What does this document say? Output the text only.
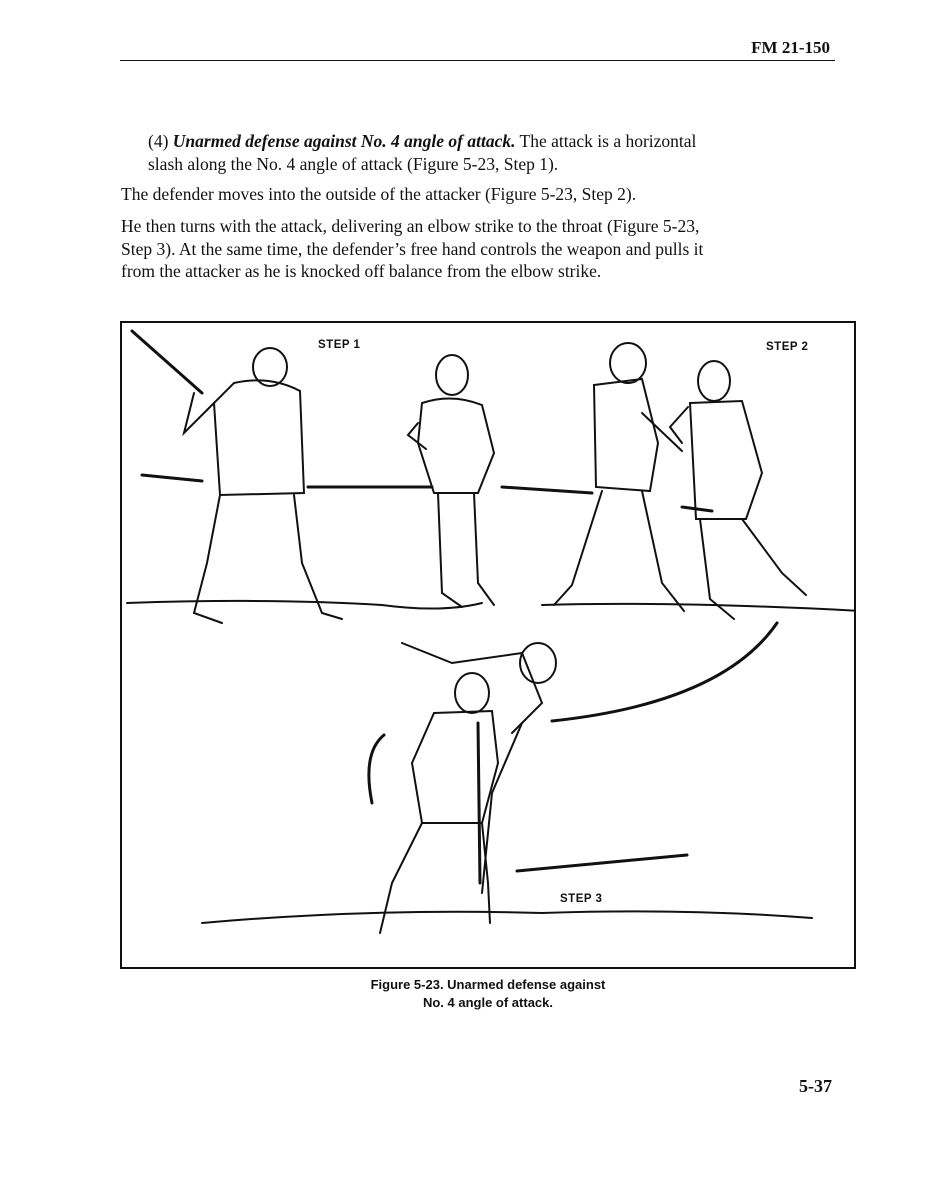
FM 21-150
(4) Unarmed defense against No. 4 angle of attack. The attack is a horizontal slash along the No. 4 angle of attack (Figure 5-23, Step 1).
The defender moves into the outside of the attacker (Figure 5-23, Step 2).
He then turns with the attack, delivering an elbow strike to the throat (Figure 5-23, Step 3). At the same time, the defender’s free hand controls the weapon and pulls it from the attacker as he is knocked off balance from the elbow strike.
STEP 1	STEP 2
STEP 3
Figure 5-23. Unarmed defense against
No. 4 angle of attack.
5-37
